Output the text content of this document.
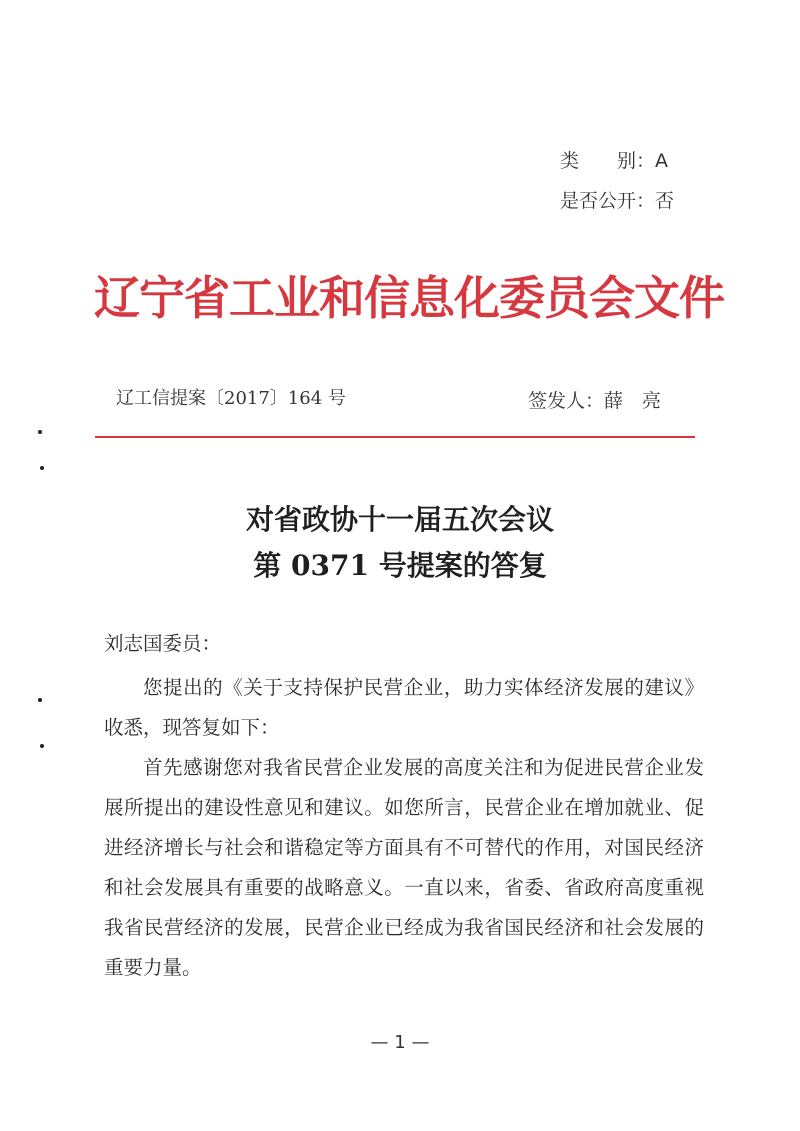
类　　别：A
是否公开：否
辽宁省工业和信息化委员会文件
辽工信提案〔2017〕164 号	签发人：薛　亮
对省政协十一届五次会议
第 0371 号提案的答复
刘志国委员：
您提出的《关于支持保护民营企业，助力实体经济发展的建议》收悉，现答复如下：
首先感谢您对我省民营企业发展的高度关注和为促进民营企业发展所提出的建设性意见和建议。如您所言，民营企业在增加就业、促进经济增长与社会和谐稳定等方面具有不可替代的作用，对国民经济和社会发展具有重要的战略意义。一直以来，省委、省政府高度重视我省民营经济的发展，民营企业已经成为我省国民经济和社会发展的重要力量。
— 1 —
